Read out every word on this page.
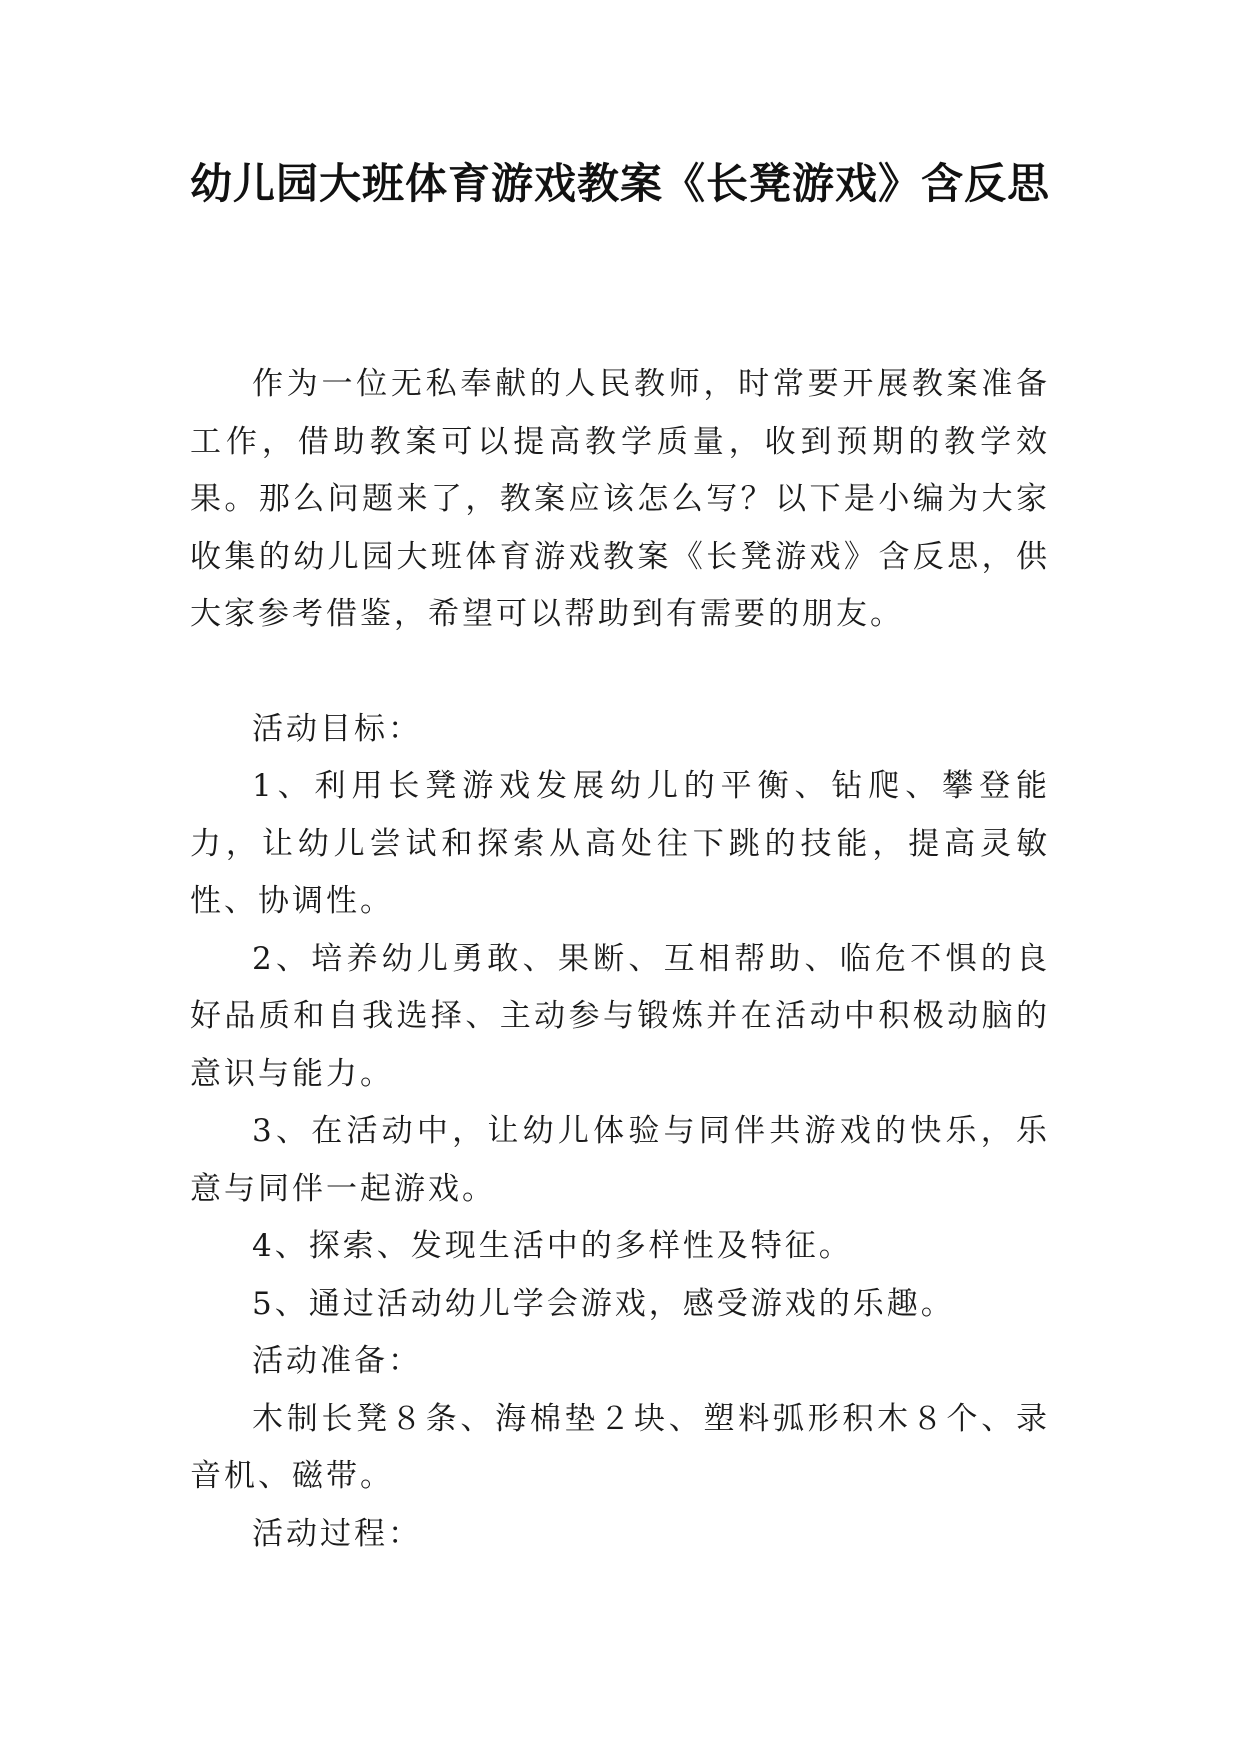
幼儿园大班体育游戏教案《长凳游戏》含反思

作为一位无私奉献的人民教师，时常要开展教案准备工作，借助教案可以提高教学质量，收到预期的教学效果。那么问题来了，教案应该怎么写？以下是小编为大家收集的幼儿园大班体育游戏教案《长凳游戏》含反思，供大家参考借鉴，希望可以帮助到有需要的朋友。

活动目标：

1、利用长凳游戏发展幼儿的平衡、钻爬、攀登能力，让幼儿尝试和探索从高处往下跳的技能，提高灵敏性、协调性。

2、培养幼儿勇敢、果断、互相帮助、临危不惧的良好品质和自我选择、主动参与锻炼并在活动中积极动脑的意识与能力。

3、在活动中，让幼儿体验与同伴共游戏的快乐，乐意与同伴一起游戏。

4、探索、发现生活中的多样性及特征。

5、通过活动幼儿学会游戏，感受游戏的乐趣。

活动准备：

木制长凳８条、海棉垫２块、塑料弧形积木８个、录音机、磁带。

活动过程：
